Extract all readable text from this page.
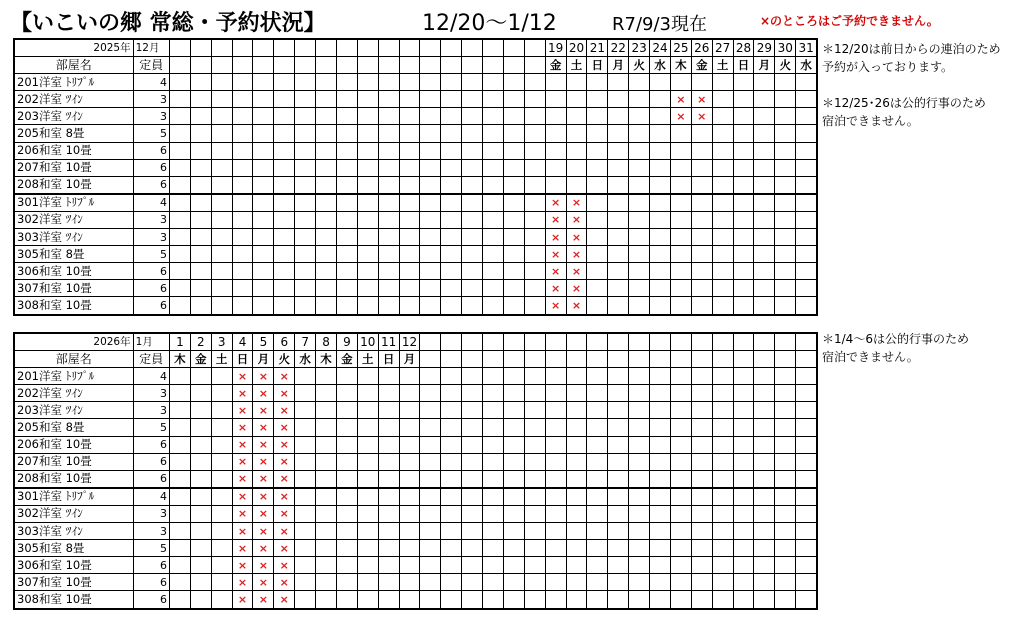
【いこいの郷 常総・予約状況】	12/20〜1/12	R7/9/3現在	×のところはご予約できません。
2025年	12月																			19	20	21	22	23	24	25	26	27	28	29	30	31
部屋名	定員																			金	土	日	月	火	水	木	金	土	日	月	火	水
201洋室 ﾄﾘﾌﾟﾙ	4																															
202洋室 ﾂｲﾝ	3																									×	×					
203洋室 ﾂｲﾝ	3																									×	×					
205和室 8畳	5																															
206和室 10畳	6																															
207和室 10畳	6																															
208和室 10畳	6																															
301洋室 ﾄﾘﾌﾟﾙ	4																			×	×											
302洋室 ﾂｲﾝ	3																			×	×											
303洋室 ﾂｲﾝ	3																			×	×											
305和室 8畳	5																			×	×											
306和室 10畳	6																			×	×											
307和室 10畳	6																			×	×											
308和室 10畳	6																			×	×											
＊12/20は前日からの連泊のため
予約が入っております。
＊12/25･26は公的行事のため
宿泊できません。
2026年	1月	1	2	3	4	5	6	7	8	9	10	11	12																			
部屋名	定員	木	金	土	日	月	火	水	木	金	土	日	月																			
201洋室 ﾄﾘﾌﾟﾙ	4				×	×	×																									
202洋室 ﾂｲﾝ	3				×	×	×																									
203洋室 ﾂｲﾝ	3				×	×	×																									
205和室 8畳	5				×	×	×																									
206和室 10畳	6				×	×	×																									
207和室 10畳	6				×	×	×																									
208和室 10畳	6				×	×	×																									
301洋室 ﾄﾘﾌﾟﾙ	4				×	×	×																									
302洋室 ﾂｲﾝ	3				×	×	×																									
303洋室 ﾂｲﾝ	3				×	×	×																									
305和室 8畳	5				×	×	×																									
306和室 10畳	6				×	×	×																									
307和室 10畳	6				×	×	×																									
308和室 10畳	6				×	×	×																									
＊1/4〜6は公的行事のため
宿泊できません。
